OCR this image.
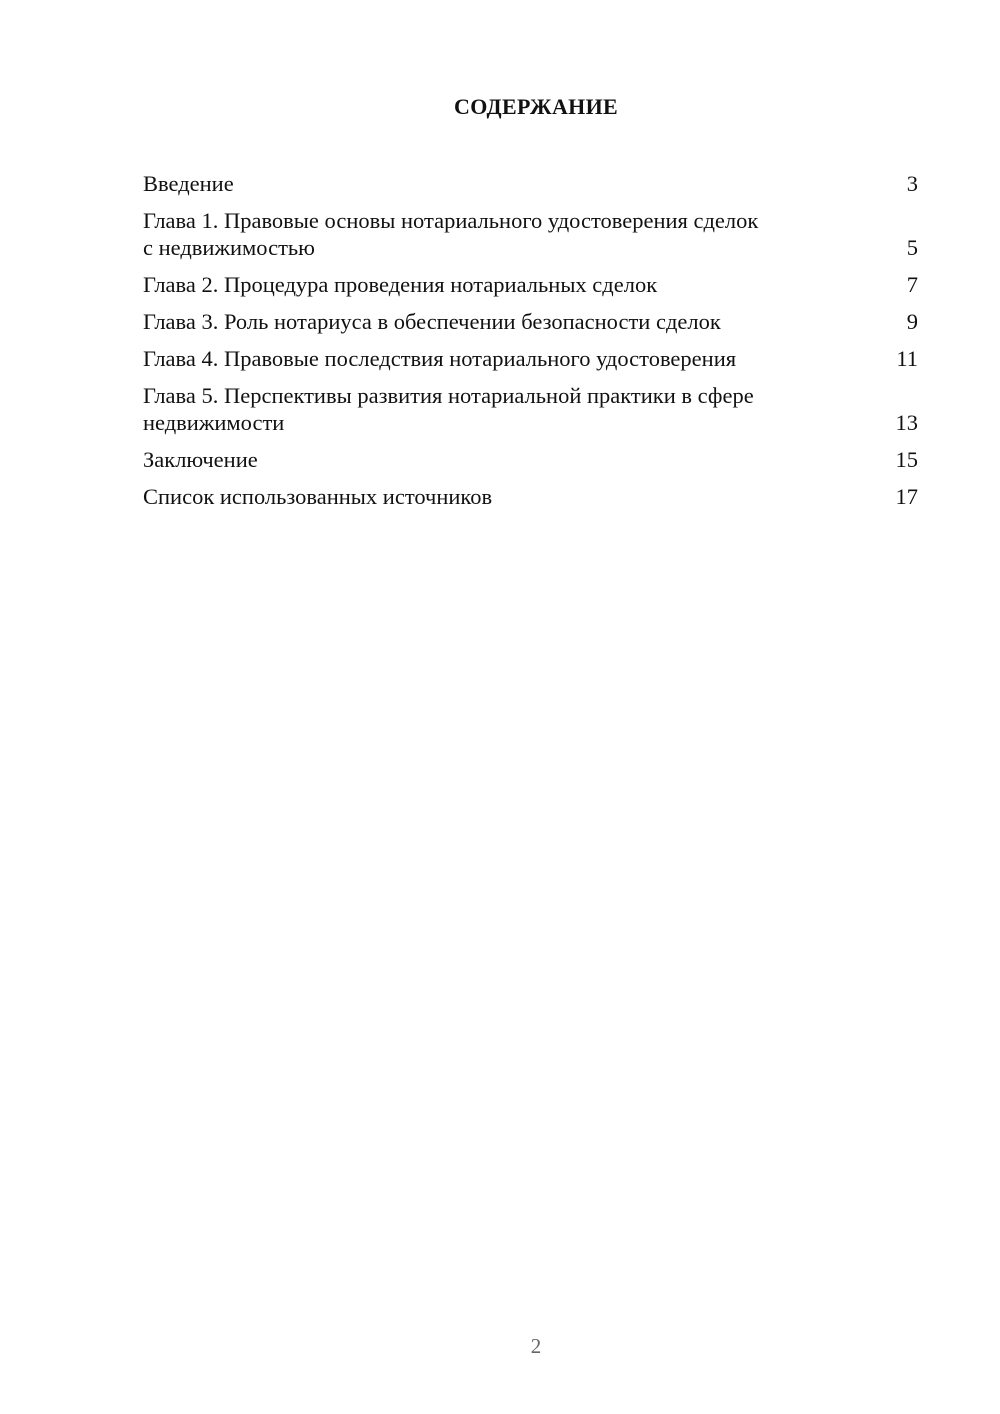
СОДЕРЖАНИЕ
Введение	3
Глава 1. Правовые основы нотариального удостоверения сделок с недвижимостью	5
Глава 2. Процедура проведения нотариальных сделок	7
Глава 3. Роль нотариуса в обеспечении безопасности сделок	9
Глава 4. Правовые последствия нотариального удостоверения	11
Глава 5. Перспективы развития нотариальной практики в сфере недвижимости	13
Заключение	15
Список использованных источников	17
2
